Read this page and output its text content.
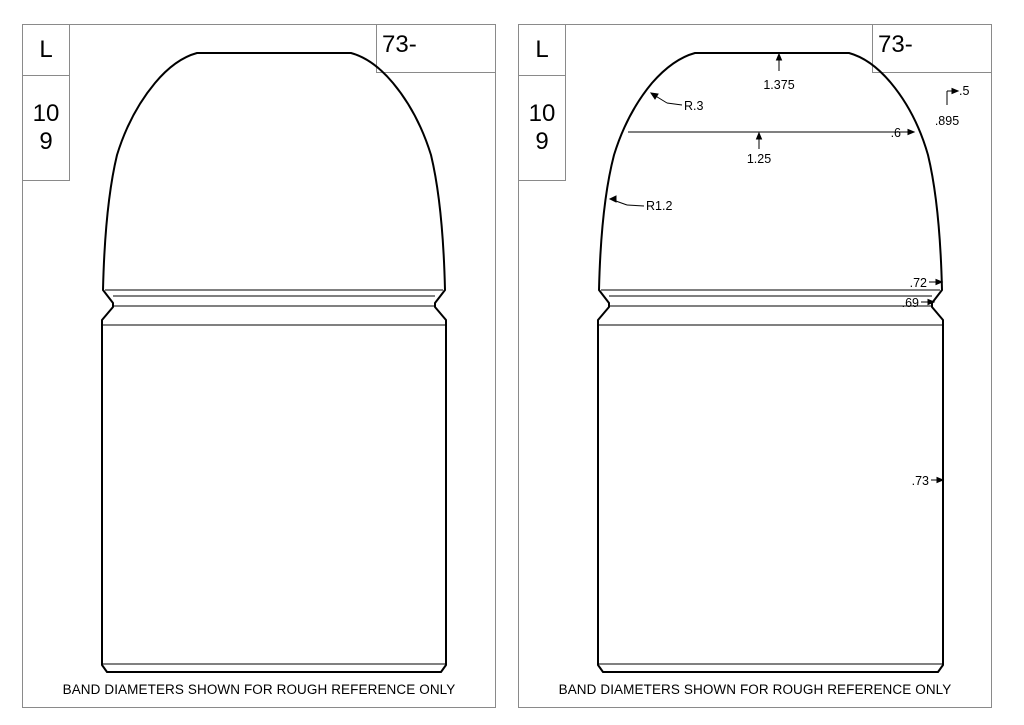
L
10
9
73-
BAND DIAMETERS SHOWN FOR ROUGH REFERENCE ONLY
L
10
9
73-
1.375
R.3
.5
.895
.6
1.25
R1.2
.72
.69
.73
BAND DIAMETERS SHOWN FOR ROUGH REFERENCE ONLY
